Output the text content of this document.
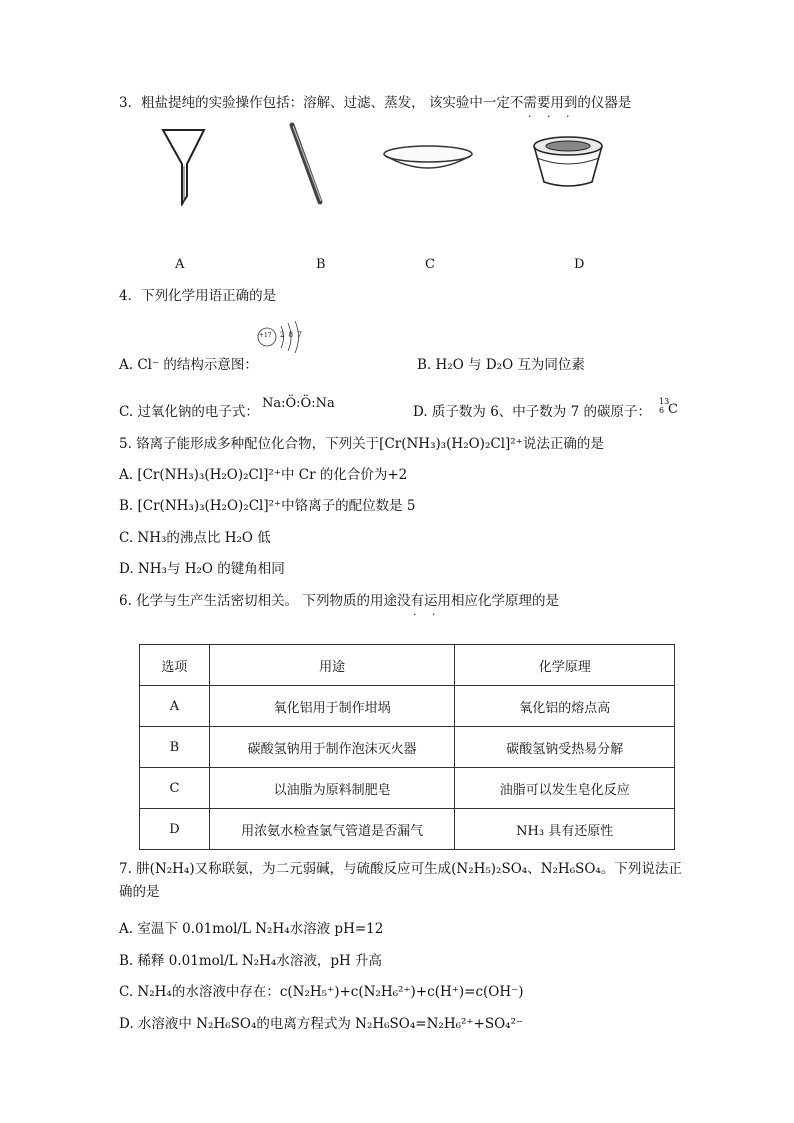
3．粗盐提纯的实验操作包括：溶解、过滤、蒸发， 该实验中一定不需要用到的仪器是
· · ·
A	B	C	D
4．下列化学用语正确的是
A. Cl⁻ 的结构示意图：
+17 2 8 7
B. H₂O 与 D₂O 互为同位素
C. 过氧化钠的电子式：
Na:Ö:Ö:Na
D. 质子数为 6、中子数为 7 的碳原子：
13
6 C
5. 铬离子能形成多种配位化合物，下列关于[Cr(NH₃)₃(H₂O)₂Cl]²⁺说法正确的是
A. [Cr(NH₃)₃(H₂O)₂Cl]²⁺中 Cr 的化合价为+2
B. [Cr(NH₃)₃(H₂O)₂Cl]²⁺中铬离子的配位数是 5
C. NH₃的沸点比 H₂O 低
D. NH₃与 H₂O 的键角相同
6. 化学与生产生活密切相关。 下列物质的用途没有运用相应化学原理的是
· ·
选项	用途	化学原理
A	氧化铝用于制作坩埚	氧化铝的熔点高
B	碳酸氢钠用于制作泡沫灭火器	碳酸氢钠受热易分解
C	以油脂为原料制肥皂	油脂可以发生皂化反应
D	用浓氨水检查氯气管道是否漏气	NH₃ 具有还原性
7. 肼(N₂H₄)又称联氨，为二元弱碱，与硫酸反应可生成(N₂H₅)₂SO₄、N₂H₆SO₄。下列说法正
确的是
A. 室温下 0.01mol/L N₂H₄水溶液 pH=12
B. 稀释 0.01mol/L N₂H₄水溶液，pH 升高
C. N₂H₄的水溶液中存在：c(N₂H₅⁺)+c(N₂H₆²⁺)+c(H⁺)=c(OH⁻)
D. 水溶液中 N₂H₆SO₄的电离方程式为 N₂H₆SO₄=N₂H₆²⁺+SO₄²⁻
